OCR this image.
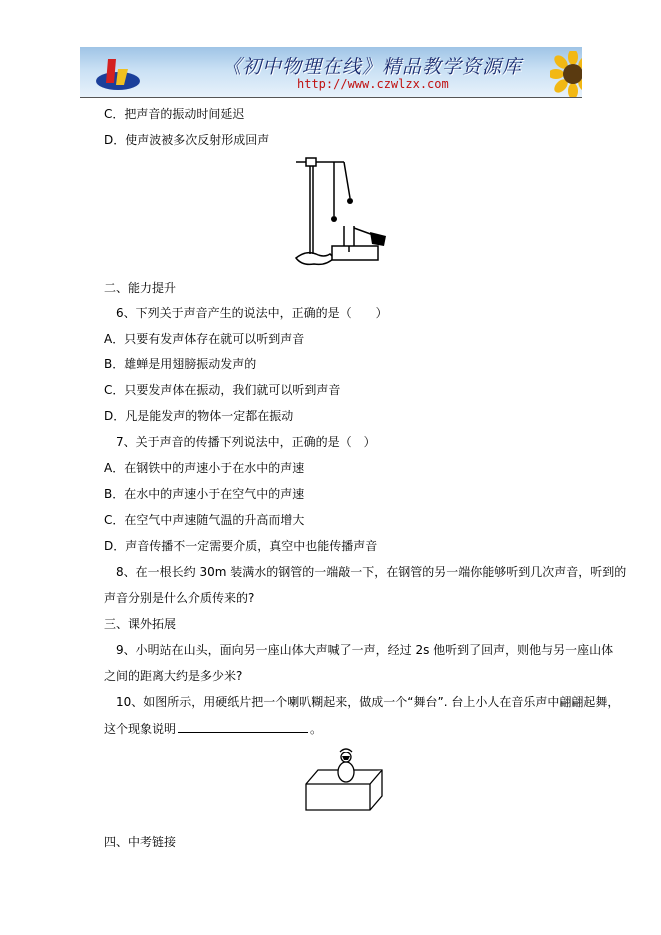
《初中物理在线》精品教学资源库
http://www.czwlzx.com
C．把声音的振动时间延迟
D．使声波被多次反射形成回声
二、能力提升
6、下列关于声音产生的说法中，正确的是（　　）
A．只要有发声体存在就可以听到声音
B．雄蝉是用翅膀振动发声的
C．只要发声体在振动，我们就可以听到声音
D．凡是能发声的物体一定都在振动
7、关于声音的传播下列说法中，正确的是（　）
A．在钢铁中的声速小于在水中的声速
B．在水中的声速小于在空气中的声速
C．在空气中声速随气温的升高而增大
D．声音传播不一定需要介质，真空中也能传播声音
8、在一根长约 30m 装满水的钢管的一端敲一下，在钢管的另一端你能够听到几次声音，听到的
声音分别是什么介质传来的?
三、课外拓展
9、小明站在山头，面向另一座山体大声喊了一声，经过 2s 他听到了回声，则他与另一座山体
之间的距离大约是多少米?
10、如图所示，用硬纸片把一个喇叭糊起来，做成一个“舞台”. 台上小人在音乐声中翩翩起舞，
这个现象说明	。
四、中考链接
